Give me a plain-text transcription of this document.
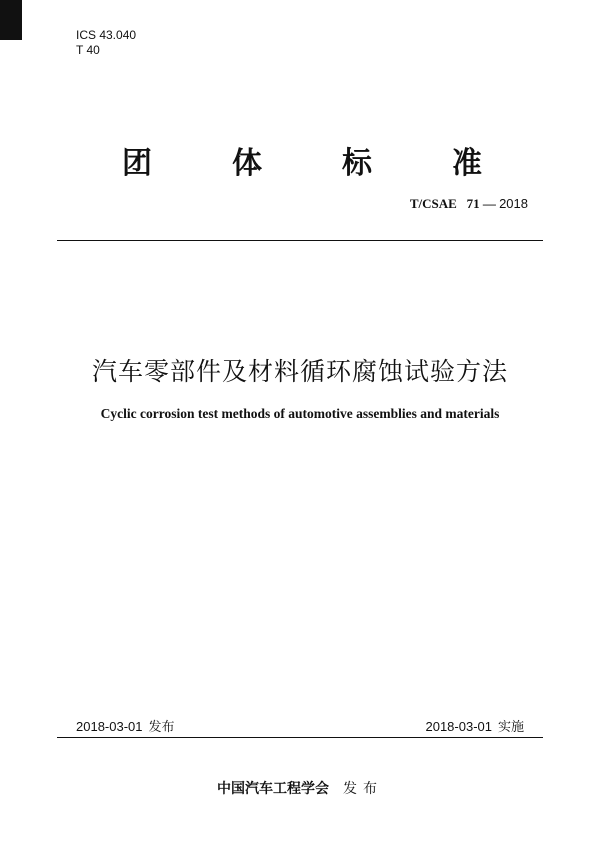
ICS 43.040
T 40
团	体	标	准
T/CSAE 71 — 2018
汽车零部件及材料循环腐蚀试验方法
Cyclic corrosion test methods of automotive assemblies and materials
2018-03-01 发布	2018-03-01 实施
中国汽车工程学会 发布
